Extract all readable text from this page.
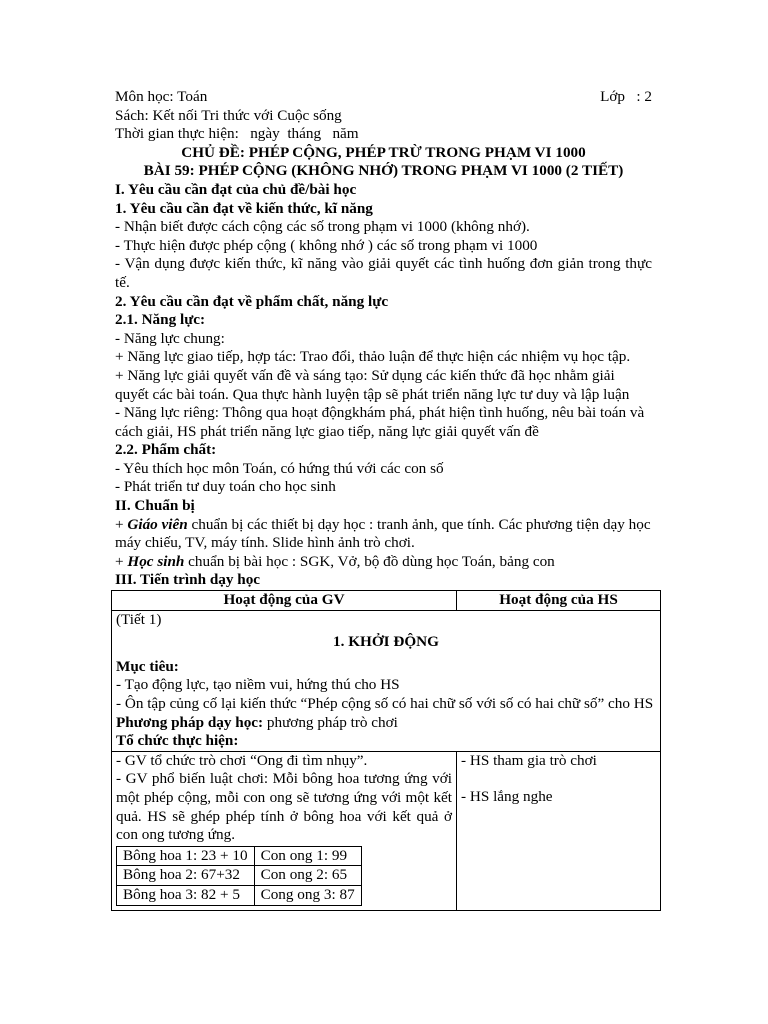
Môn học: Toán	Lớp   : 2

Sách: Kết nối Tri thức với Cuộc sống

Thời gian thực hiện:   ngày  tháng   năm

CHỦ ĐỀ: PHÉP CỘNG, PHÉP TRỪ TRONG PHẠM VI 1000

BÀI 59: PHÉP CỘNG (KHÔNG NHỚ) TRONG PHẠM VI 1000 (2 TIẾT)

I. Yêu cầu cần đạt của chủ đề/bài học

1. Yêu cầu cần đạt về kiến thức, kĩ năng

- Nhận biết được cách cộng các số trong phạm vi 1000 (không nhớ).

- Thực hiện được phép cộng ( không nhớ ) các số trong phạm vi 1000

- Vận dụng được kiến thức, kĩ năng vào giải quyết các tình huống đơn giản trong thực tế.

2. Yêu cầu cần đạt về phẩm chất, năng lực

2.1. Năng lực:

- Năng lực chung:

+ Năng lực giao tiếp, hợp tác: Trao đổi, thảo luận để thực hiện các nhiệm vụ học tập.

+ Năng lực giải quyết vấn đề và sáng tạo: Sử dụng các kiến thức đã học nhằm giải quyết các bài toán. Qua thực hành luyện tập sẽ phát triển năng lực tư duy và lập luận

- Năng lực riêng: Thông qua hoạt độngkhám phá, phát hiện tình huống, nêu bài toán và cách giải, HS phát triển năng lực giao tiếp, năng lực giải quyết vấn đề

2.2. Phẩm chất:

- Yêu thích học môn Toán, có hứng thú với các con số

- Phát triển tư duy toán cho học sinh

II. Chuẩn bị

+ Giáo viên chuẩn bị các thiết bị dạy học : tranh ảnh, que tính. Các phương tiện dạy học máy chiếu, TV, máy tính. Slide hình ảnh trò chơi.

+ Học sinh chuẩn bị bài học : SGK, Vở, bộ đồ dùng học Toán, bảng con

III. Tiến trình dạy học

Hoạt động của GV	Hoạt động của HS

(Tiết 1)

1. KHỞI ĐỘNG

Mục tiêu:

- Tạo động lực, tạo niềm vui, hứng thú cho HS

- Ôn tập củng cố lại kiến thức “Phép cộng số có hai chữ số với số có hai chữ số” cho HS

Phương pháp dạy học: phương pháp trò chơi

Tổ chức thực hiện:

- GV tổ chức trò chơi “Ong đi tìm nhụy”.

- GV phổ biến luật chơi: Mỗi bông hoa tương ứng với một phép cộng, mỗi con ong sẽ tương ứng với một kết quả. HS sẽ ghép phép tính ở bông hoa với kết quả ở con ong tương ứng.

Bông hoa 1: 23 + 10	Con ong 1: 99
Bông hoa 2: 67+32	Con ong 2: 65
Bông hoa 3: 82 + 5	Cong ong 3: 87

- HS tham gia trò chơi

- HS lắng nghe
